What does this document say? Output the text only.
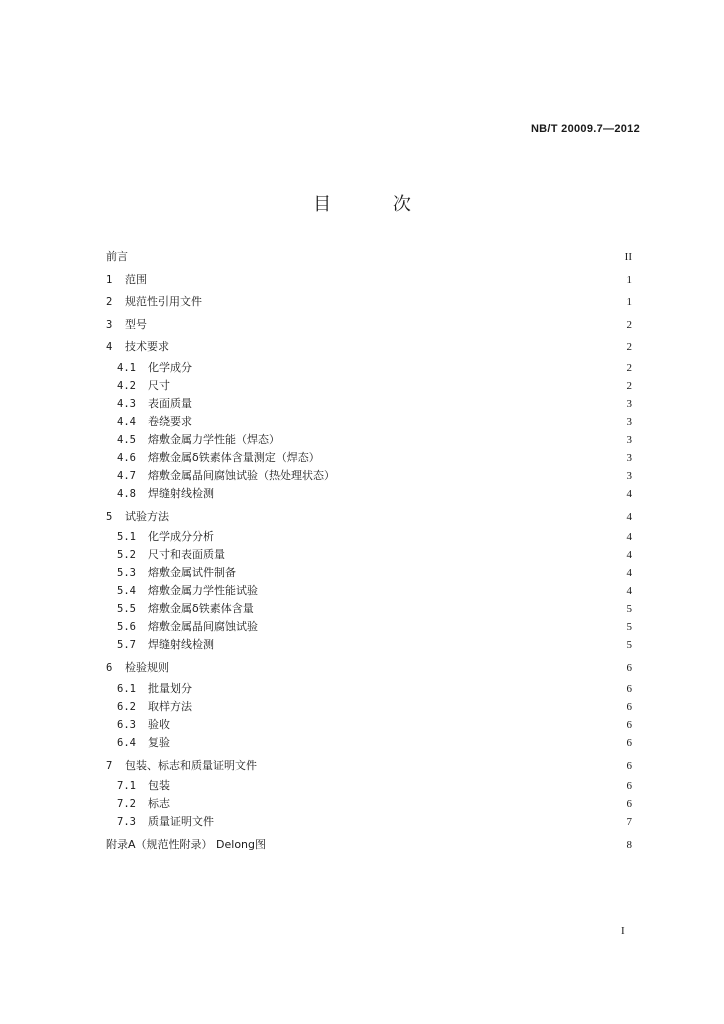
NB/T 20009.7—2012
目 次
前言	II
1	范围	1
2	规范性引用文件	1
3	型号	2
4	技术要求	2
4.1	化学成分	2
4.2	尺寸	2
4.3	表面质量	3
4.4	卷绕要求	3
4.5	熔敷金属力学性能（焊态）	3
4.6	熔敷金属δ铁素体含量测定（焊态）	3
4.7	熔敷金属晶间腐蚀试验（热处理状态）	3
4.8	焊缝射线检测	4
5	试验方法	4
5.1	化学成分分析	4
5.2	尺寸和表面质量	4
5.3	熔敷金属试件制备	4
5.4	熔敷金属力学性能试验	4
5.5	熔敷金属δ铁素体含量	5
5.6	熔敷金属晶间腐蚀试验	5
5.7	焊缝射线检测	5
6	检验规则	6
6.1	批量划分	6
6.2	取样方法	6
6.3	验收	6
6.4	复验	6
7	包装、标志和质量证明文件	6
7.1	包装	6
7.2	标志	6
7.3	质量证明文件	7
附录A（规范性附录） Delong图	8
I
